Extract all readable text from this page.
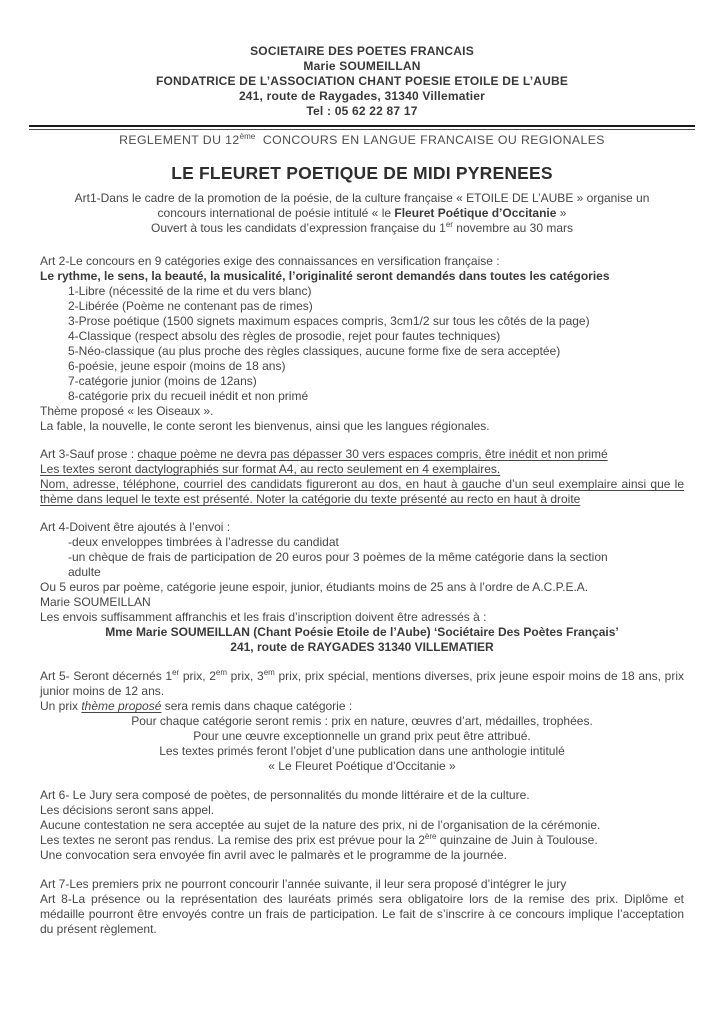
SOCIETAIRE DES POETES FRANCAIS
Marie SOUMEILLAN
FONDATRICE DE L’ASSOCIATION CHANT POESIE ETOILE DE L’AUBE
241, route de Raygades, 31340 Villematier
Tel : 05 62 22 87 17
REGLEMENT DU 12ème  CONCOURS EN LANGUE FRANCAISE OU REGIONALES
LE FLEURET POETIQUE DE MIDI PYRENEES
Art1-Dans le cadre de la promotion de la poésie, de la culture française « ETOILE DE L’AUBE » organise un
concours international de poésie intitulé « le Fleuret Poétique d’Occitanie »
Ouvert à tous les candidats d’expression française du 1er novembre au 30 mars
Art 2-Le concours en 9 catégories exige des connaissances en versification française :
Le rythme, le sens, la beauté, la musicalité, l’originalité seront demandés dans toutes les catégories
1-Libre (nécessité de la rime et du vers blanc)
2-Libérée (Poème ne contenant pas de rimes)
3-Prose poétique (1500 signets maximum espaces compris, 3cm1/2 sur tous les côtés de la page)
4-Classique (respect absolu des règles de prosodie, rejet pour fautes techniques)
5-Néo-classique (au plus proche des règles classiques, aucune forme fixe de sera acceptée)
6-poésie, jeune espoir (moins de 18 ans)
7-catégorie junior (moins de 12ans)
8-catégorie prix du recueil inédit et non primé
Thème proposé « les Oiseaux ».
La fable, la nouvelle, le conte seront les bienvenus, ainsi que les langues régionales.
Art 3-Sauf prose : chaque poème ne devra pas dépasser 30 vers espaces compris, être inédit et non primé
Les textes seront dactylographiés sur format A4, au recto seulement en 4 exemplaires.
Nom, adresse, téléphone, courriel des candidats figureront au dos, en haut à gauche d’un seul exemplaire ainsi que le thème dans lequel le texte est présenté. Noter la catégorie du texte présenté au recto en haut à droite
Art 4-Doivent être ajoutés à l’envoi :
-deux enveloppes timbrées à l’adresse du candidat
-un chèque de frais de participation de 20 euros pour 3 poèmes de la même catégorie dans la section
adulte
Ou 5 euros par poème, catégorie jeune espoir, junior, étudiants moins de 25 ans à l’ordre de A.C.P.E.A.
Marie SOUMEILLAN
Les envois suffisamment affranchis et les frais d’inscription doivent être adressés à :
Mme Marie SOUMEILLAN (Chant Poésie Etoile de l’Aube) ‘Sociétaire Des Poètes Français’
241, route de RAYGADES 31340 VILLEMATIER
Art 5- Seront décernés 1er prix, $2^{em}$ prix, $3^{em}$ prix, prix spécial, mentions diverses, prix jeune espoir moins de 18 ans, prix junior moins de 12 ans.
Un prix thème proposé sera remis dans chaque catégorie :
Pour chaque catégorie seront remis : prix en nature, œuvres d’art, médailles, trophées.
Pour une œuvre exceptionnelle un grand prix peut être attribué.
Les textes primés feront l’objet d’une publication dans une anthologie intitulé
« Le Fleuret Poétique d’Occitanie »
Art 6- Le Jury sera composé de poètes, de personnalités du monde littéraire et de la culture.
Les décisions seront sans appel.
Aucune contestation ne sera acceptée au sujet de la nature des prix, ni de l’organisation de la cérémonie.
Les textes ne seront pas rendus. La remise des prix est prévue pour la 2ère quinzaine de Juin à Toulouse.
Une convocation sera envoyée fin avril avec le palmarès et le programme de la journée.
Art 7-Les premiers prix ne pourront concourir l’année suivante, il leur sera proposé d’intégrer le jury
Art 8-La présence ou la représentation des lauréats primés sera obligatoire lors de la remise des prix. Diplôme et médaille pourront être envoyés contre un frais de participation. Le fait de s’inscrire à ce concours implique l’acceptation du présent règlement.
